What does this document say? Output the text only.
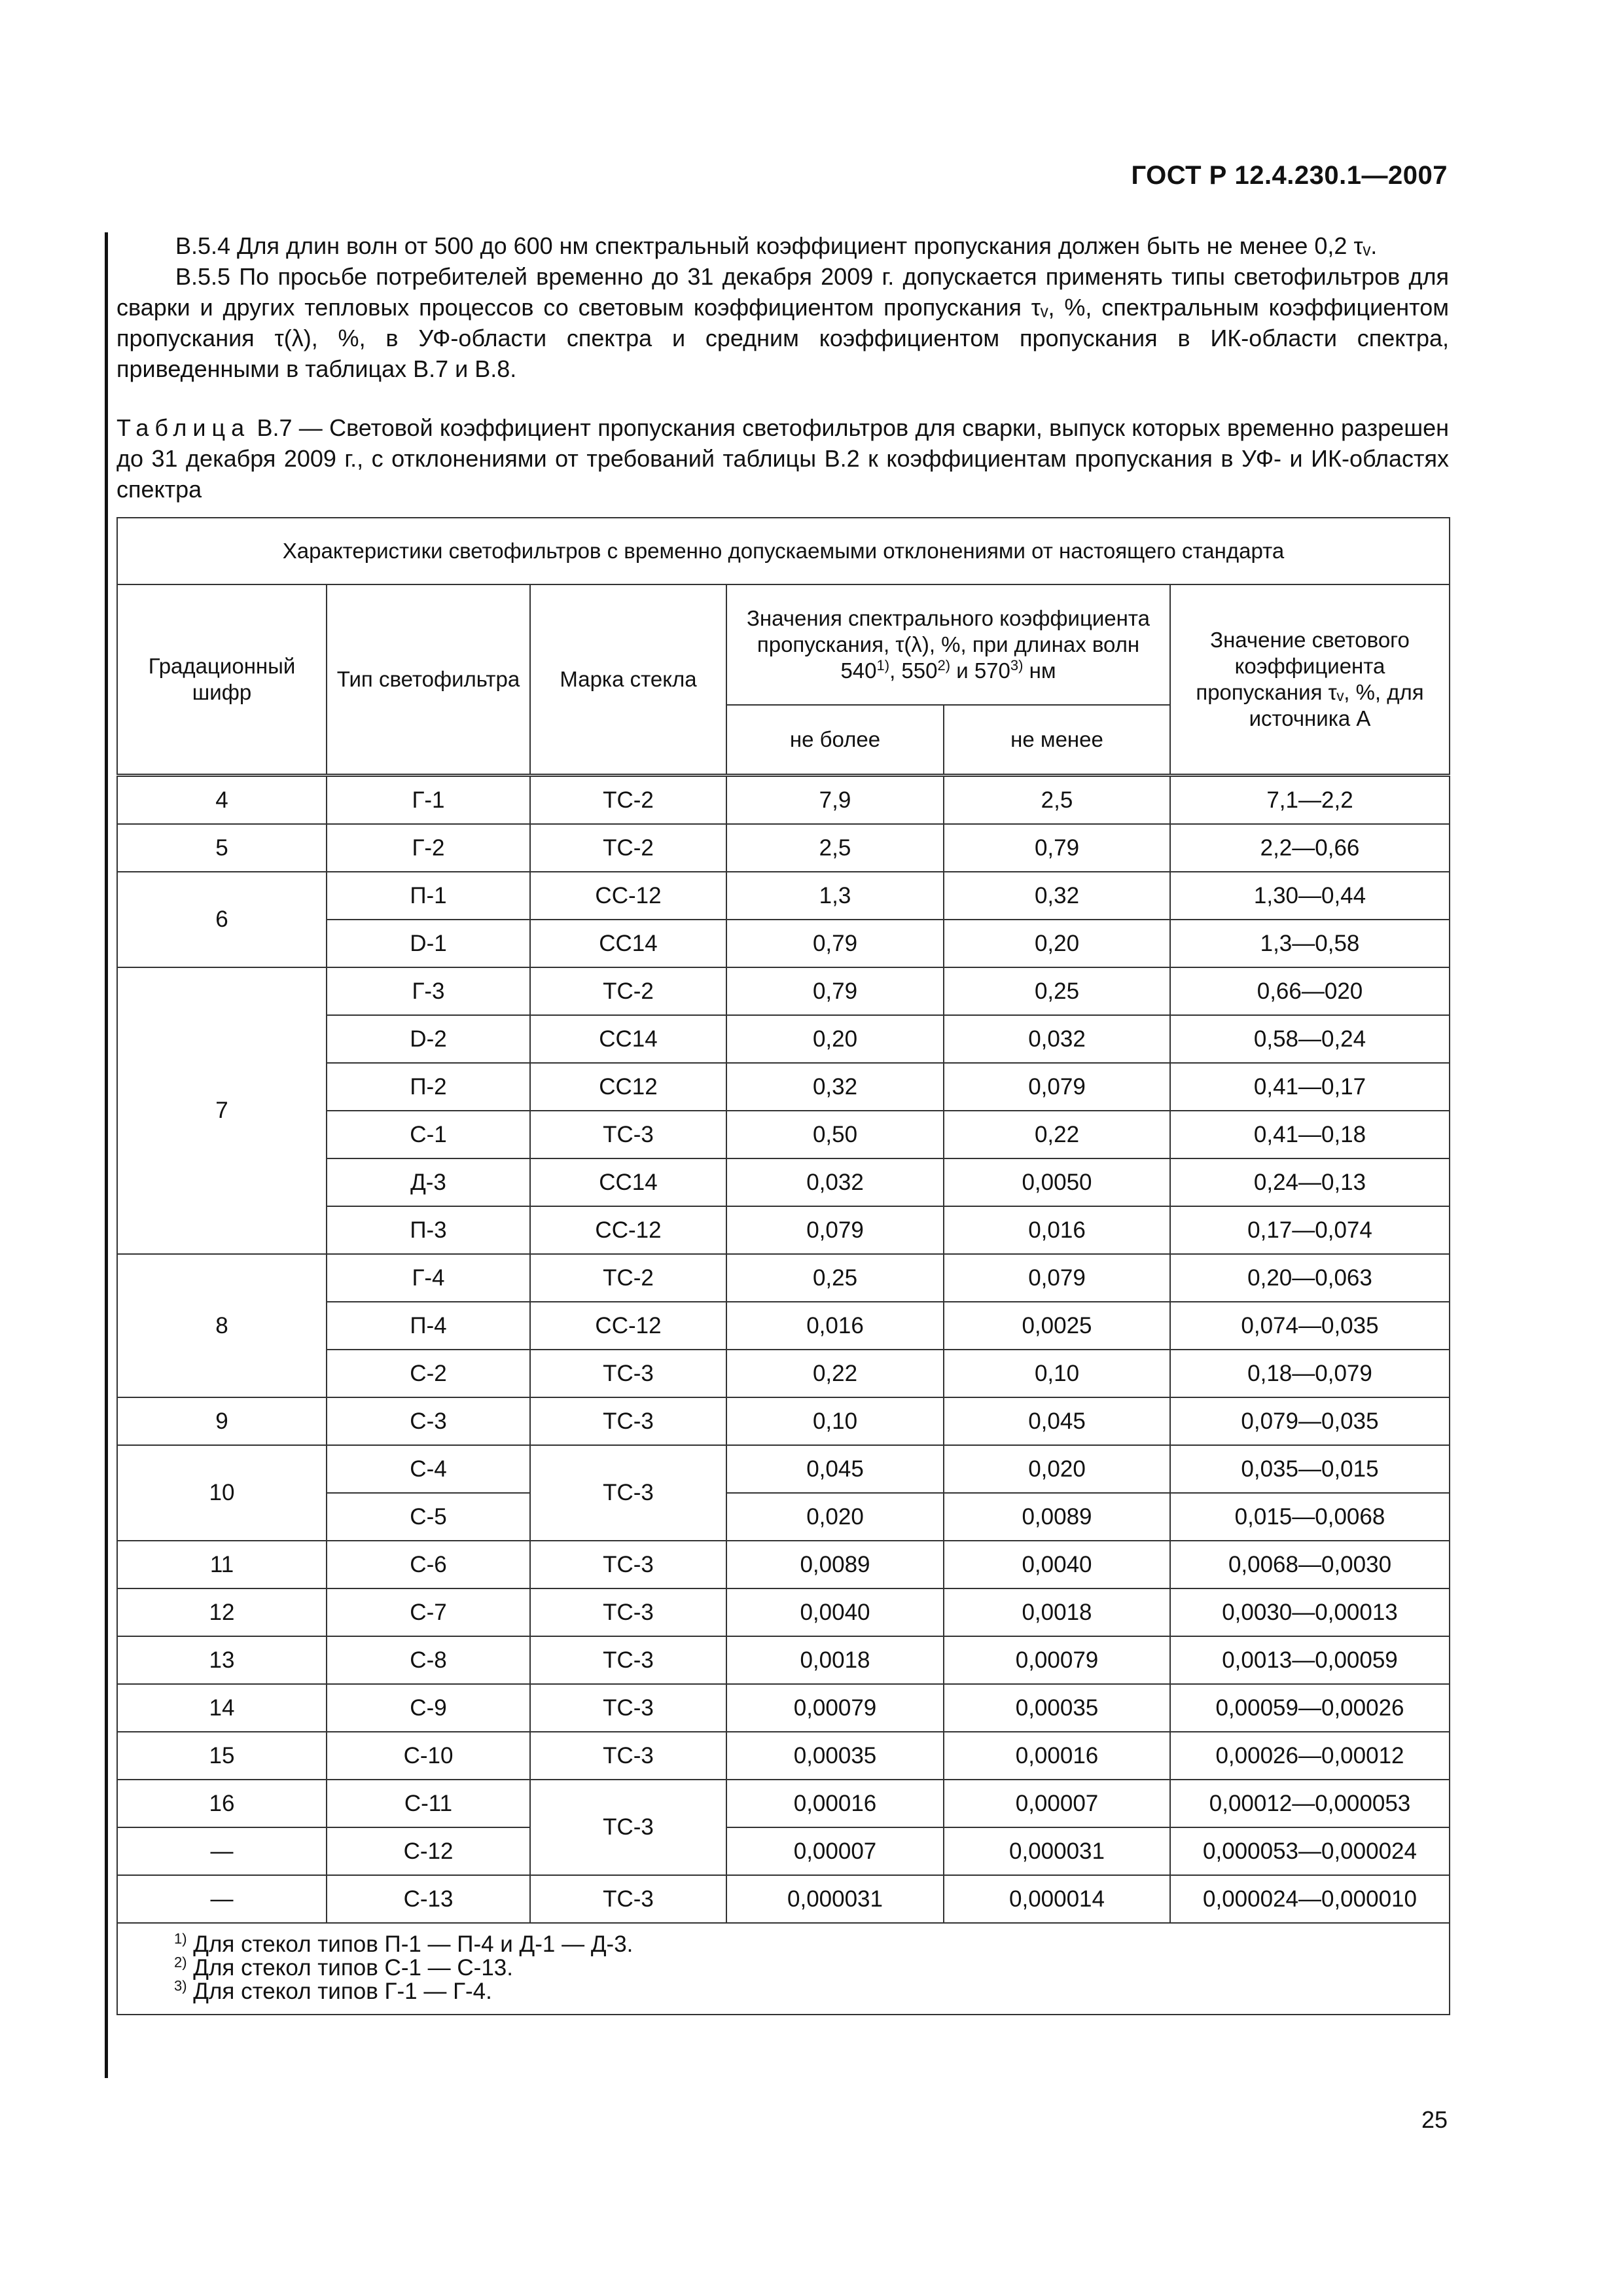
ГОСТ Р 12.4.230.1—2007
В.5.4 Для длин волн от 500 до 600 нм спектральный коэффициент пропускания должен быть не менее 0,2 τᵥ.
В.5.5 По просьбе потребителей временно до 31 декабря 2009 г. допускается применять типы светофильтров для сварки и других тепловых процессов со световым коэффициентом пропускания τᵥ, %, спектральным коэффициентом пропускания τ(λ), %, в УФ-области спектра и средним коэффициентом пропускания в ИК-области спектра, приведенными в таблицах В.7 и В.8.
Таблица В.7 — Световой коэффициент пропускания светофильтров для сварки, выпуск которых временно разрешен до 31 декабря 2009 г., с отклонениями от требований таблицы В.2 к коэффициентам пропускания в УФ- и ИК-областях спектра
Характеристики светофильтров с временно допускаемыми отклонениями от настоящего стандарта					
Градационный шифр	Тип светофильтра	Марка стекла	Значения спектрального коэффициента пропускания, τ(λ), %, при длинах волн 540$^{1)}$, 550$^{2)}$ и 570$^{3)}$ нм		Значение светового коэффициента пропускания τᵥ, %, для источника А
			не более	не менее	
4	Г-1	ТС-2	7,9	2,5	7,1—2,2
5	Г-2	ТС-2	2,5	0,79	2,2—0,66
6	П-1	СС-12	1,3	0,32	1,30—0,44
	D-1	СС14	0,79	0,20	1,3—0,58
7	Г-3	ТС-2	0,79	0,25	0,66—020
	D-2	СС14	0,20	0,032	0,58—0,24
	П-2	СС12	0,32	0,079	0,41—0,17
	С-1	ТС-3	0,50	0,22	0,41—0,18
	Д-3	СС14	0,032	0,0050	0,24—0,13
	П-3	СС-12	0,079	0,016	0,17—0,074
8	Г-4	ТС-2	0,25	0,079	0,20—0,063
	П-4	СС-12	0,016	0,0025	0,074—0,035
	С-2	ТС-3	0,22	0,10	0,18—0,079
9	С-3	ТС-3	0,10	0,045	0,079—0,035
10	С-4	ТС-3	0,045	0,020	0,035—0,015
	С-5		0,020	0,0089	0,015—0,0068
11	С-6	ТС-3	0,0089	0,0040	0,0068—0,0030
12	С-7	ТС-3	0,0040	0,0018	0,0030—0,00013
13	С-8	ТС-3	0,0018	0,00079	0,0013—0,00059
14	С-9	ТС-3	0,00079	0,00035	0,00059—0,00026
15	С-10	ТС-3	0,00035	0,00016	0,00026—0,00012
16	С-11	ТС-3	0,00016	0,00007	0,00012—0,000053
—	С-12		0,00007	0,000031	0,000053—0,000024
—	С-13	ТС-3	0,000031	0,000014	0,000024—0,000010

$^{1)}$ Для стекол типов П-1 — П-4 и Д-1 — Д-3.
$^{2)}$ Для стекол типов С-1 — С-13.
$^{3)}$ Для стекол типов Г-1 — Г-4.					
25
